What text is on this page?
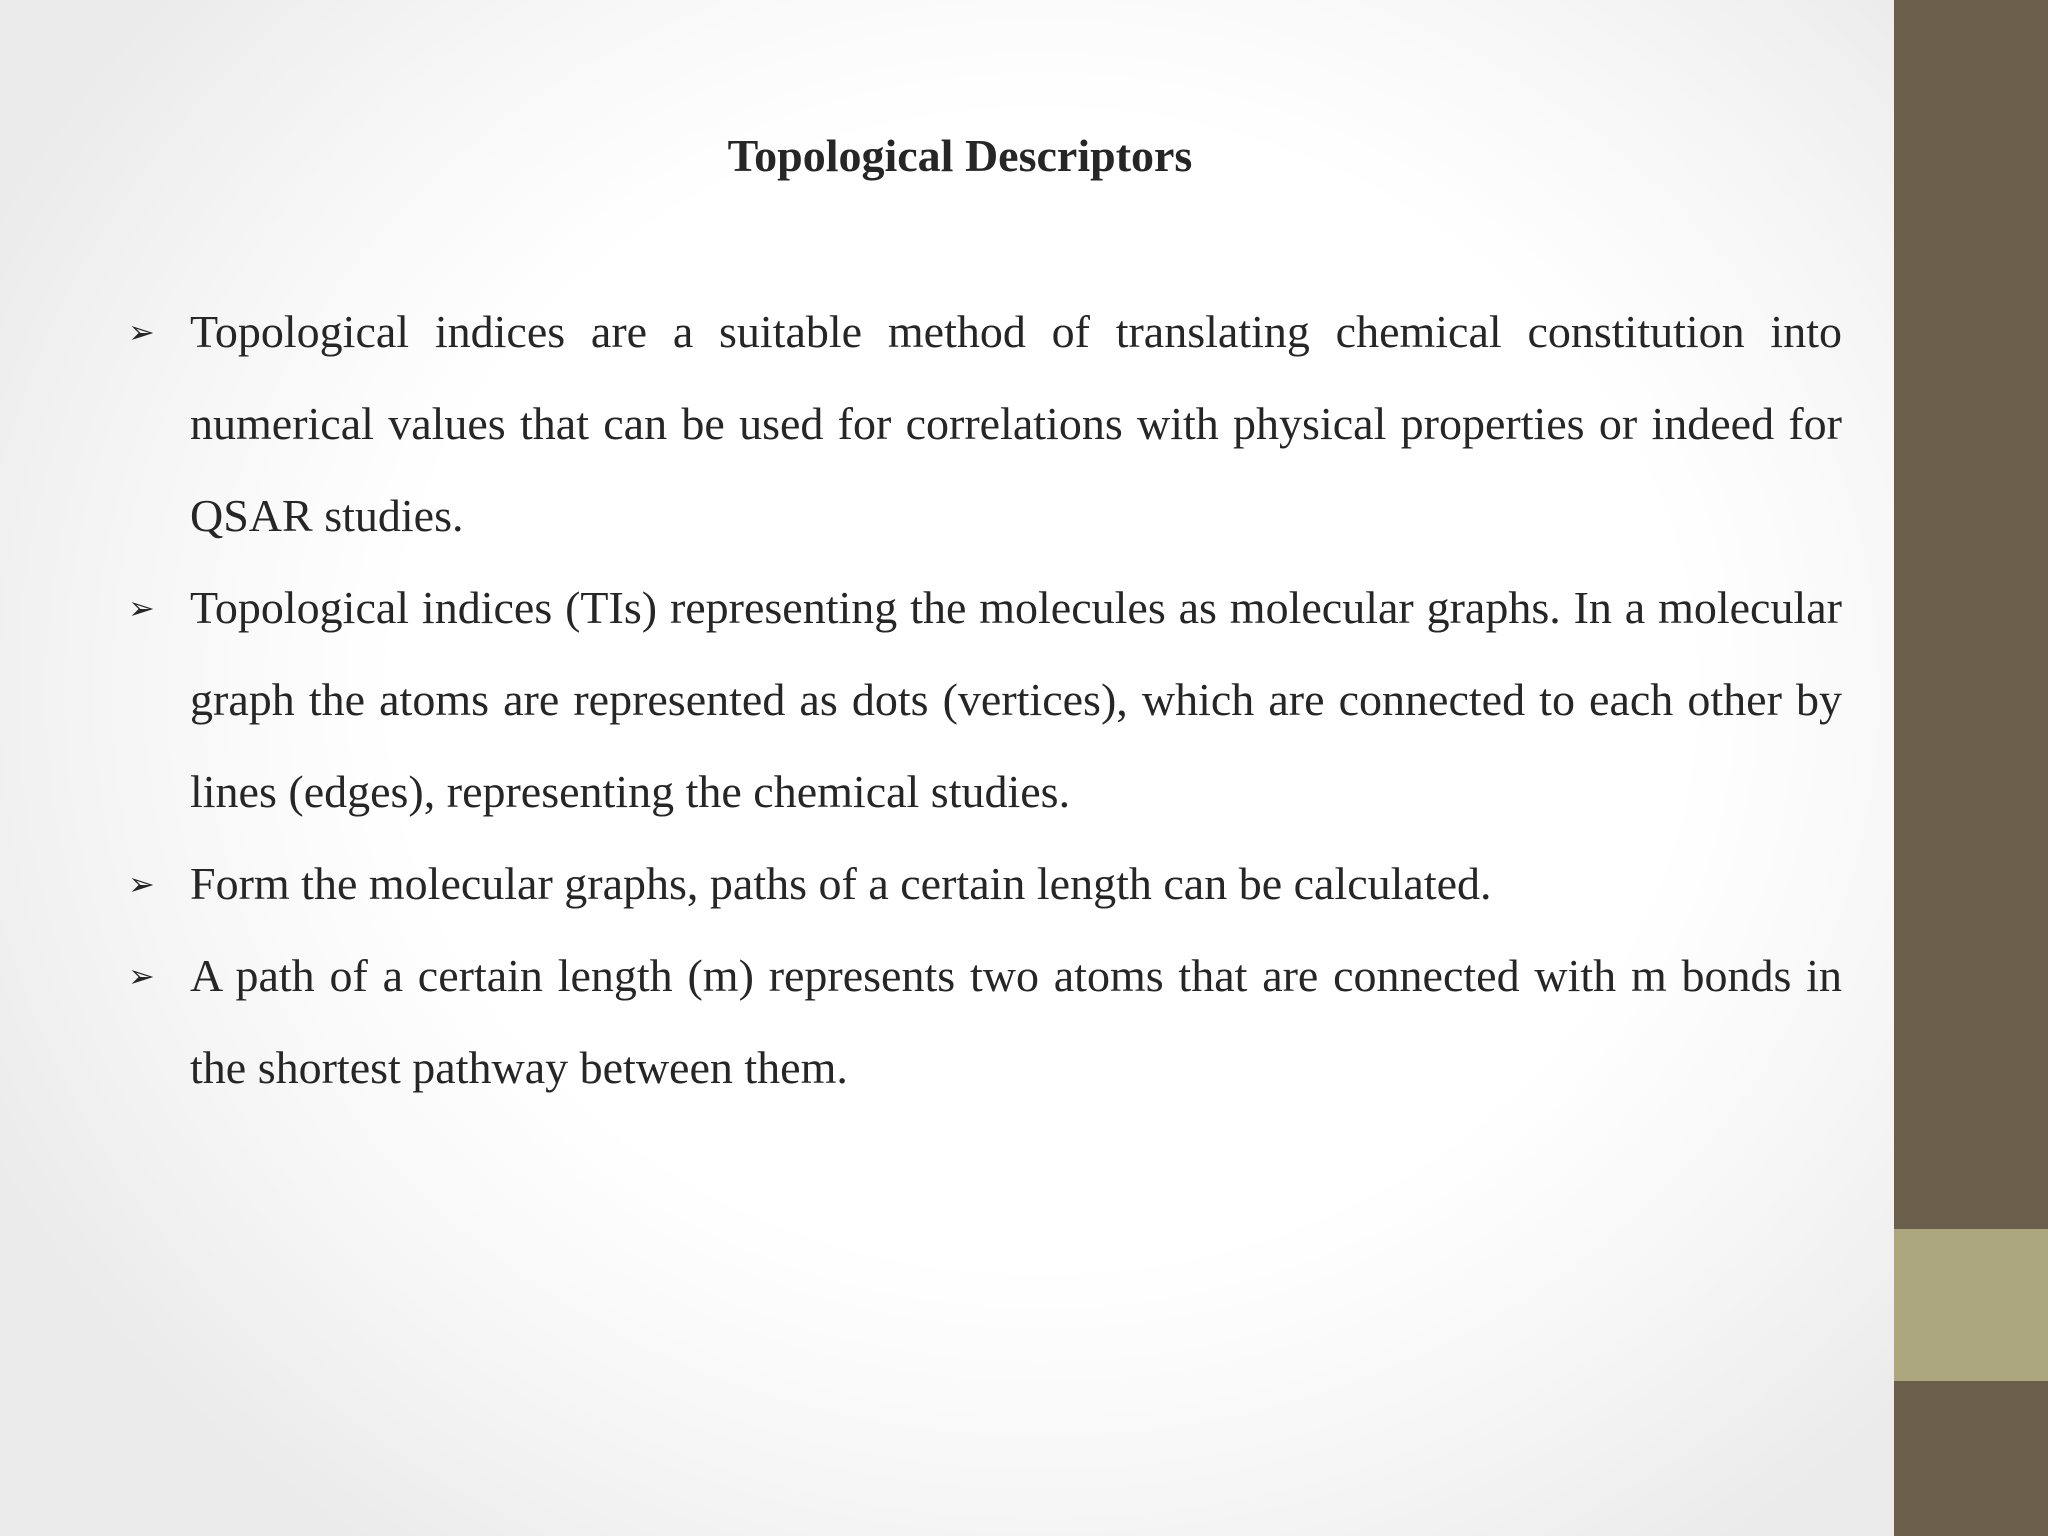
Topological Descriptors
➢ Topological indices are a suitable method of translating chemical constitution into numerical values that can be used for correlations with physical properties or indeed for QSAR studies.
➢ Topological indices (TIs) representing the molecules as molecular graphs. In a molecular graph the atoms are represented as dots (vertices), which are connected to each other by lines (edges), representing the chemical studies.
➢ Form the molecular graphs, paths of a certain length can be calculated.
➢ A path of a certain length (m) represents two atoms that are connected with m bonds in the shortest pathway between them.
